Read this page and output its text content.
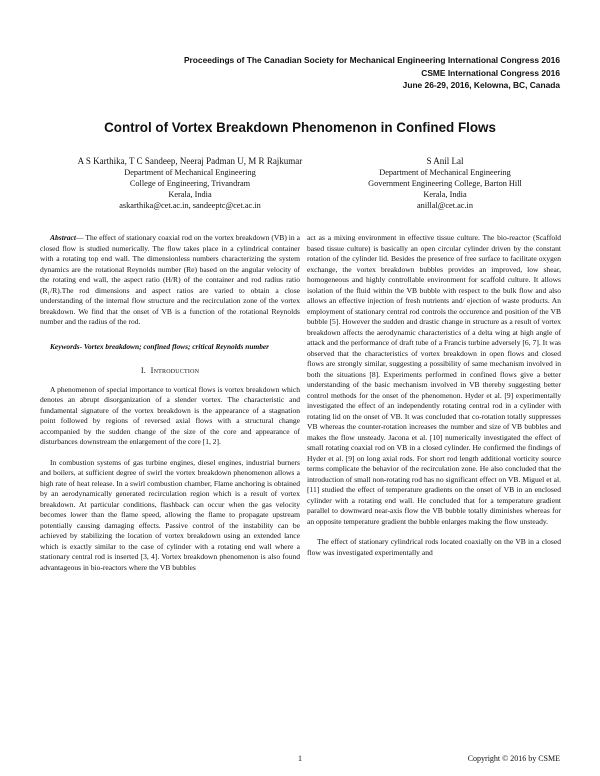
Proceedings of The Canadian Society for Mechanical Engineering International Congress 2016
CSME International Congress 2016
June 26-29, 2016, Kelowna, BC, Canada
Control of Vortex Breakdown Phenomenon in Confined Flows
A S Karthika, T C Sandeep, Neeraj Padman U, M R Rajkumar
Department of Mechanical Engineering
College of Engineering, Trivandram
Kerala, India
askarthika@cet.ac.in, sandeeptc@cet.ac.in
S Anil Lal
Department of Mechanical Engineering
Government Engineering College, Barton Hill
Kerala, India
anillal@cet.ac.in

Abstract— The effect of stationary coaxial rod on the vortex breakdown (VB) in a closed flow is studied numerically. The flow takes place in a cylindrical container with a rotating top end wall. The dimensionless numbers characterizing the system dynamics are the rotational Reynolds number (Re) based on the angular velocity of the rotating end wall, the aspect ratio (H/R) of the container and rod radius ratio (R₁/R).The rod dimensions and aspect ratios are varied to obtain a close understanding of the internal flow structure and the recirculation zone of the vortex breakdown. We find that the onset of VB is a function of the rotational Reynolds number and the radius of the rod.

Keywords- Vortex breakdown; confined flows; critical Reynolds number

I. Introduction

A phenomenon of special importance to vortical flows is vortex breakdown which denotes an abrupt disorganization of a slender vortex. The characteristic and fundamental signature of the vortex breakdown is the appearance of a stagnation point followed by regions of reversed axial flows with a structural change accompanied by the sudden change of the size of the core and appearance of disturbances downstream the enlargement of the core [1, 2].

In combustion systems of gas turbine engines, diesel engines, industrial burners and boilers, at sufficient degree of swirl the vortex breakdown phenomenon allows a high rate of heat release. In a swirl combustion chamber, Flame anchoring is obtained by an aerodynamically generated recirculation region which is a result of vortex breakdown. At particular conditions, flashback can occur when the gas velocity becomes lower than the flame speed, allowing the flame to propagate upstream potentially causing damaging effects. Passive control of the instability can be achieved by stabilizing the location of vortex breakdown using an extended lance which is exactly similar to the case of cylinder with a rotating end wall where a stationary central rod is inserted [3, 4]. Vortex breakdown phenomenon is also found advantageous in bio-reactors where the VB bubbles

act as a mixing environment in effective tissue culture. The bio-reactor (Scaffold based tissue culture) is basically an open circular cylinder driven by the constant rotation of the cylinder lid. Besides the presence of free surface to facilitate oxygen exchange, the vortex breakdown bubbles provides an improved, low shear, homogeneous and highly controllable environment for scaffold culture. It allows isolation of the fluid within the VB bubble with respect to the bulk flow and also allows an effective injection of fresh nutrients and/ ejection of waste products. An employment of stationary central rod controls the occurence and position of the VB bubble [5]. However the sudden and drastic change in structure as a result of vortex breakdown affects the aerodynamic characteristics of a delta wing at high angle of attack and the performance of draft tube of a Francis turbine adversely [6, 7]. It was observed that the characteristics of vortex breakdown in open flows and closed flows are strongly similar, suggesting a possibility of same mechanism involved in both the situations [8]. Experiments performed in confined flows give a better understanding of the basic mechanism involved in VB thereby suggesting better control methods for the onset of the phenomenon. Hyder et al. [9] experimentally investigated the effect of an independently rotating central rod in a cylinder with rotating lid on the onset of VB. It was concluded that co-rotation totally suppresses VB whereas the counter-rotation increases the number and size of VB bubbles and makes the flow unsteady. Jacona et al. [10] numerically investigated the effect of small rotating coaxial rod on VB in a closed cylinder. He confirmed the findings of Hyder et al. [9] on long axial rods. For short rod length additional vorticity source terms complicate the behavior of the recirculation zone. He also concluded that the introduction of small non-rotating rod has no significant effect on VB. Miguel et al. [11] studied the effect of temperature gradients on the onset of VB in an enclosed cylinder with a rotating end wall. He concluded that for a temperature gradient parallel to downward near-axis flow the VB bubble totally diminishes whereas for an opposite temperature gradient the bubble enlarges making the flow unsteady.

The effect of stationary cylindrical rods located coaxially on the VB in a closed flow was investigated experimentally and

1	Copyright © 2016 by CSME
